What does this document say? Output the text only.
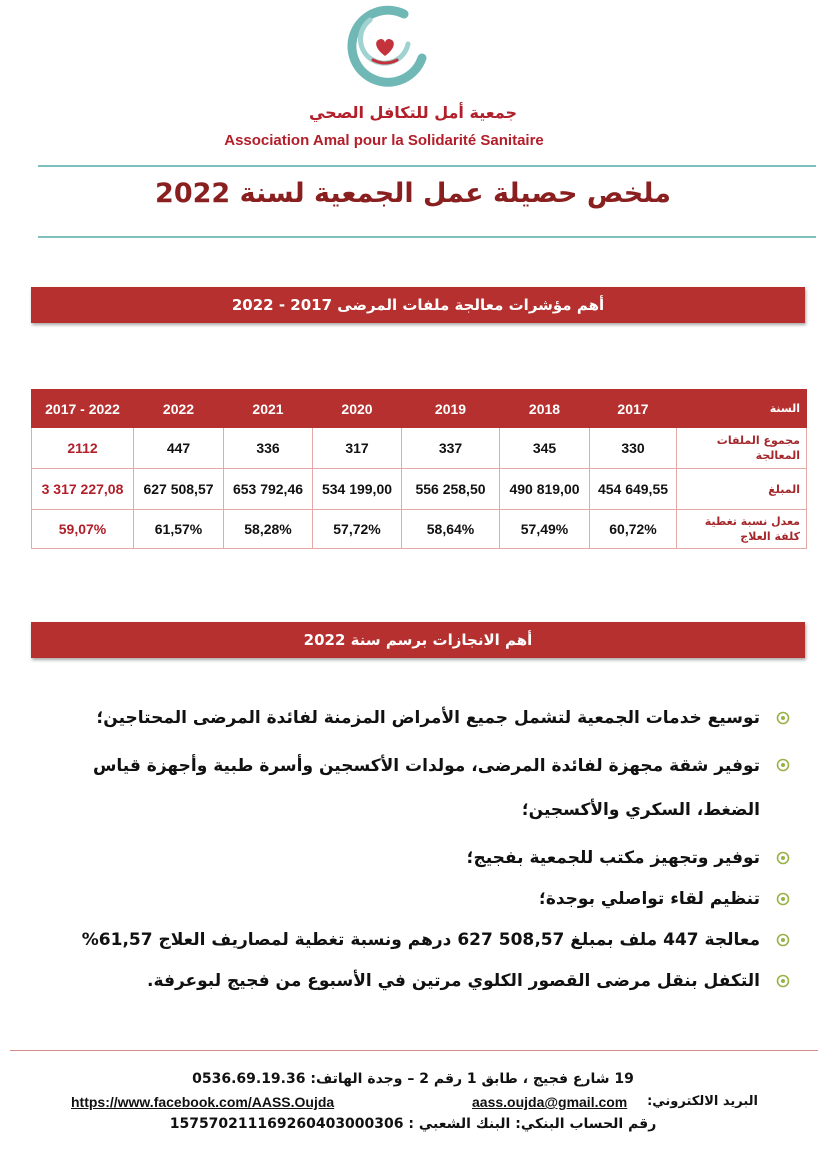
جمعية أمل للتكافل الصحي
Association Amal pour la Solidarité Sanitaire
ملخص حصيلة عمل الجمعية لسنة 2022
أهم مؤشرات معالجة ملفات المرضى 2017 - 2022
2017 - 2022	2022	2021	2020	2019	2018	2017	السنة
2112	447	336	317	337	345	330	مجموع الملفات المعالجة
3 317 227,08	627 508,57	653 792,46	534 199,00	556 258,50	490 819,00	454 649,55	المبلغ
59,07%	61,57%	58,28%	57,72%	58,64%	57,49%	60,72%	معدل نسبة تغطية كلفة العلاج
أهم الانجازات برسم سنة 2022
توسيع خدمات الجمعية لتشمل جميع الأمراض المزمنة لفائدة المرضى المحتاجين؛
توفير شقة مجهزة لفائدة المرضى، مولدات الأكسجين وأسرة طبية وأجهزة قياس الضغط، السكري والأكسجين؛
توفير وتجهيز مكتب للجمعية بفجيج؛
تنظيم لقاء تواصلي بوجدة؛
معالجة 447 ملف بمبلغ 57‚508 627 درهم ونسبة تغطية لمصاريف العلاج 61,57%
التكفل بنقل مرضى القصور الكلوي مرتين في الأسبوع من فجيج لبوعرفة.
19 شارع فجيج ، طابق 1 رقم 2 – وجدة الهاتف: 0536.69.19.36
البريد الالكتروني:
aass.oujda@gmail.com
https://www.facebook.com/AASS.Oujda
رقم الحساب البنكي: البنك الشعبي : 157570211169260403000306
